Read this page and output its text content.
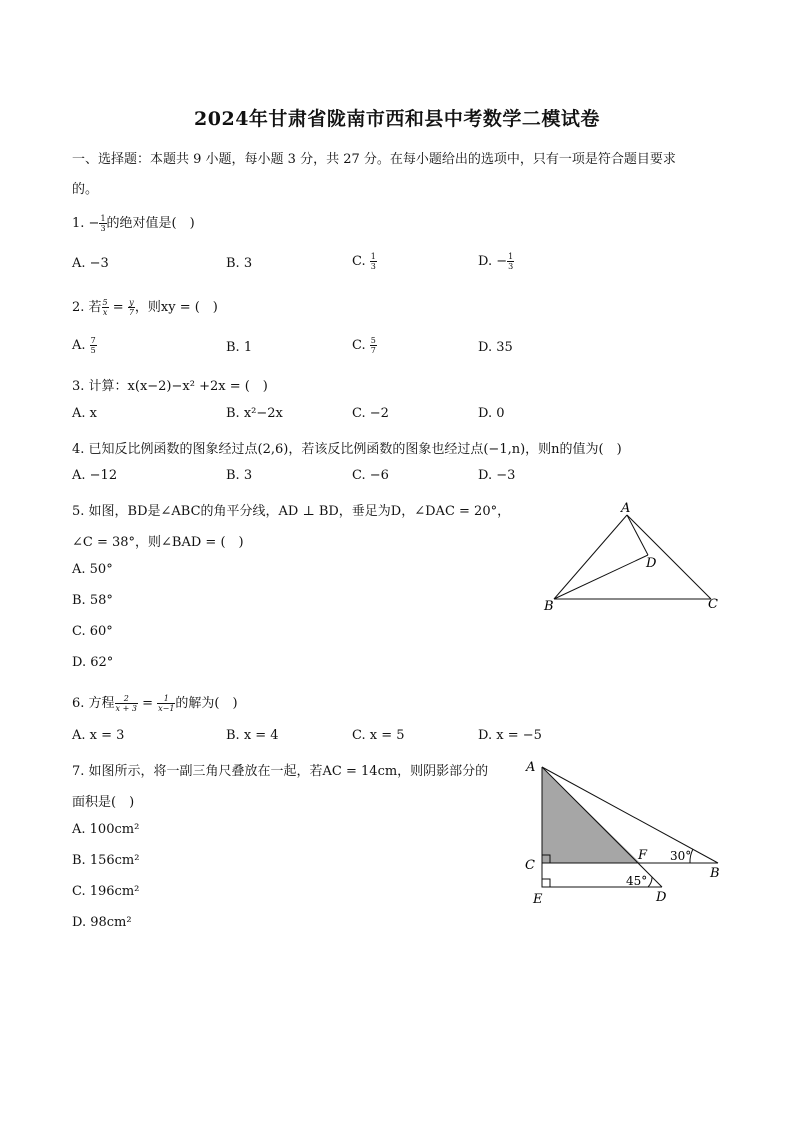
2024年甘肃省陇南市西和县中考数学二模试卷
一、选择题：本题共 9 小题，每小题 3 分，共 27 分。在每小题给出的选项中，只有一项是符合题目要求
的。
1. − $\frac{1}{3}$ 的绝对值是(　)
A. −3	B. 3	C. $\frac{1}{3}$	D. − $\frac{1}{3}$
2. 若 $\frac{5}{x} = \frac{y}{7}$ ，则xy = (　)
A. $\frac{7}{5}$	B. 1	C. $\frac{5}{7}$	D. 35
3. 计算：x(x−2)−x² +2x = (　)
A. x	B. x²−2x	C. −2	D. 0
4. 已知反比例函数的图象经过点(2,6)，若该反比例函数的图象也经过点(−1,n)，则n的值为(　)
A. −12	B. 3	C. −6	D. −3
5. 如图，BD是∠ABC的角平分线，AD ⊥ BD，垂足为D，∠DAC = 20°，
∠C = 38°，则∠BAD = (　)
A. 50°
B. 58°
C. 60°
D. 62°
A
B	C
D
6. 方程 $\frac{2}{x + 3} = \frac{1}{x-1}$ 的解为(　)
A. x = 3	B. x = 4	C. x = 5	D. x = −5
7. 如图所示，将一副三角尺叠放在一起，若AC = 14cm，则阴影部分的
面积是(　)
A. 100cm²
B. 156cm²
C. 196cm²
D. 98cm²
A
C
E
F
B
D
30°
45°
